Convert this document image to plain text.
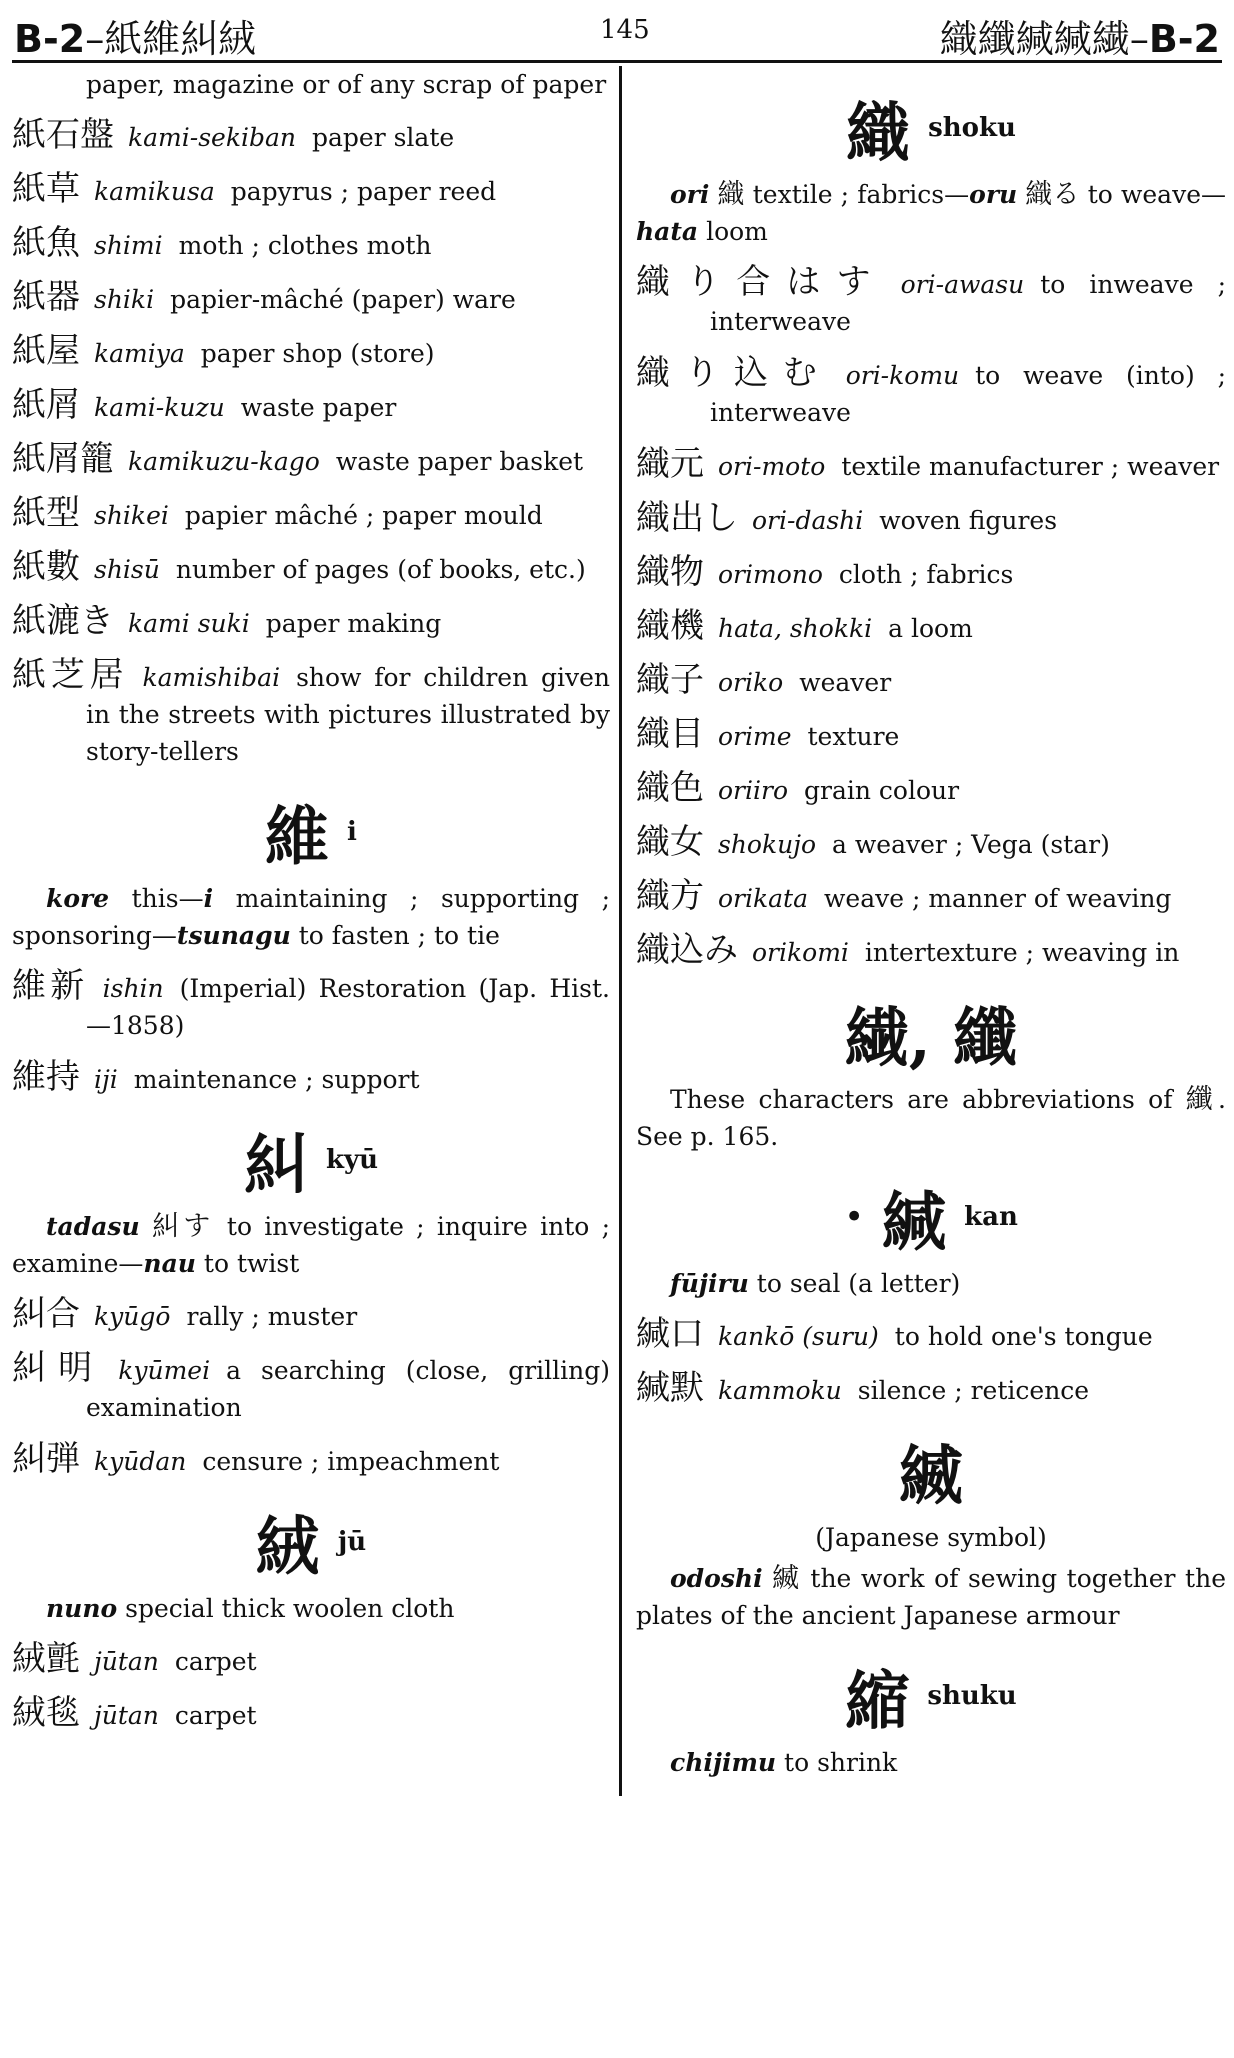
B-2–紙維糾絨	145	織纖緘緘繊–B-2
paper, magazine or of any scrap of paper
紙石盤 kami-sekiban paper slate
紙草 kamikusa papyrus ; paper reed
紙魚 shimi moth ; clothes moth
紙器 shiki papier-mâché (paper) ware
紙屋 kamiya paper shop (store)
紙屑 kami-kuzu waste paper
紙屑籠 kamikuzu-kago waste paper basket
紙型 shikei papier mâché ; paper mould
紙數 shisū number of pages (of books, etc.)
紙漉き kami suki paper making
紙芝居 kamishibai show for children given in the streets with pictures illustrated by story-tellers
維i
kore this—i maintaining ; supporting ; sponsoring—tsunagu to fasten ; to tie
維新 ishin (Imperial) Restoration (Jap. Hist.—1858)
維持 iji maintenance ; support
糾kyū
tadasu 糾す to investigate ; inquire into ; examine—nau to twist
糾合 kyūgō rally ; muster
糾明 kyūmei a searching (close, grilling) examination
糾弾 kyūdan censure ; impeachment
絨jū
nuno special thick woolen cloth
絨氈 jūtan carpet
絨毯 jūtan carpet
織shoku
ori 織 textile ; fabrics—oru 織る to weave—hata loom
織り合はす ori-awasu to inweave ; interweave
織り込む ori-komu to weave (into) ; interweave
織元 ori-moto textile manufacturer ; weaver
織出し ori-dashi woven figures
織物 orimono cloth ; fabrics
織機 hata, shokki a loom
織子 oriko weaver
織目 orime texture
織色 oriiro grain colour
織女 shokujo a weaver ; Vega (star)
織方 orikata weave ; manner of weaving
織込み orikomi intertexture ; weaving in
繊, 纖
These characters are abbreviations of 纖. See p. 165.
• 緘 kan
fūjiru to seal (a letter)
緘口 kankō (suru) to hold one's tongue
緘默 kammoku silence ; reticence
縅
(Japanese symbol)
odoshi 縅 the work of sewing together the plates of the ancient Japanese armour
縮shuku
chijimu to shrink
